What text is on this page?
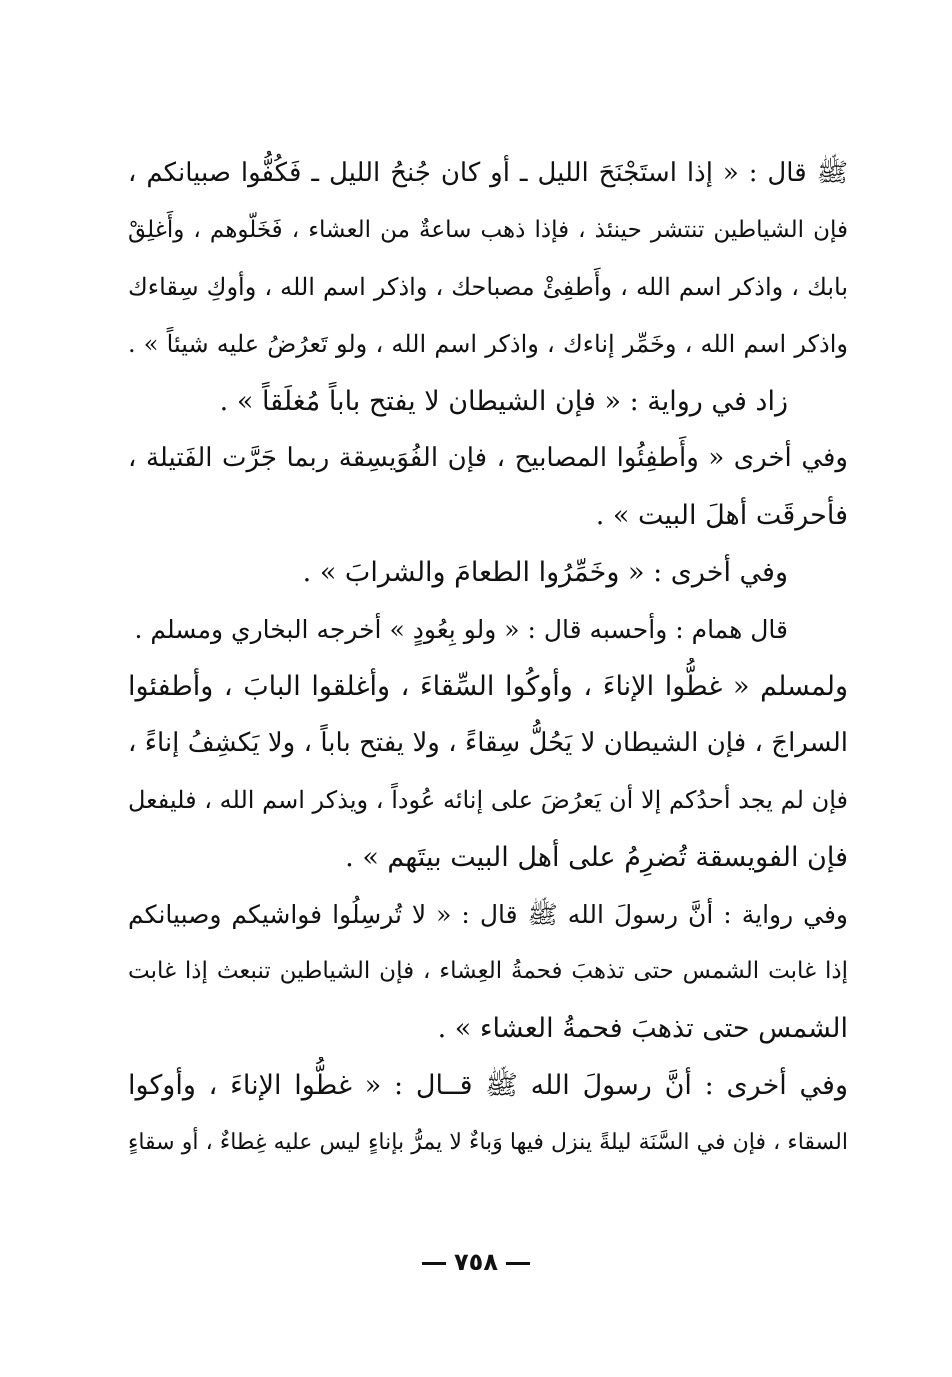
ﷺ قال : « إذا استَجْنَحَ الليل ـ أو كان جُنحُ الليل ـ فَكُفُّوا صبيانكم ،
فإن الشياطين تنتشر حينئذ ، فإذا ذهب ساعةٌ من العشاء ، فَخَلّوهم ، وأَغلِقْ
بابك ، واذكر اسم الله ، وأَطفِئْ مصباحك ، واذكر اسم الله ، وأوكِ سِقاءك
واذكر اسم الله ، وخَمِّر إناءك ، واذكر اسم الله ، ولو تَعرُضُ عليه شيئاً » .
زاد في رواية : « فإن الشيطان لا يفتح باباً مُغلَقاً » .
وفي أخرى « وأَطفِئُوا المصابيح ، فإن الفُوَيسِقة ربما جَرَّت الفَتيلة ،
فأحرقَت أهلَ البيت » .
وفي أخرى : « وخَمِّرُوا الطعامَ والشرابَ » .
قال همام : وأحسبه قال : « ولو بِعُودٍ » أخرجه البخاري ومسلم .
ولمسلم « غطُّوا الإناءَ ، وأوكُوا السِّقاءَ ، وأغلقوا البابَ ، وأطفئوا
السراجَ ، فإن الشيطان لا يَحُلُّ سِقاءً ، ولا يفتح باباً ، ولا يَكشِفُ إناءً ،
فإن لم يجد أحدُكم إلا أن يَعرُضَ على إنائه عُوداً ، ويذكر اسم الله ، فليفعل
فإن الفويسقة تُضرِمُ على أهل البيت بيتَهم » .
وفي رواية : أنَّ رسولَ الله ﷺ قال : « لا تُرسِلُوا فواشيكم وصبيانكم
إذا غابت الشمس حتى تذهبَ فحمةُ العِشاء ، فإن الشياطين تنبعث إذا غابت
الشمس حتى تذهبَ فحمةُ العشاء » .
وفي أخرى : أنَّ رسولَ الله ﷺ قــال : « غطُّوا الإناءَ ، وأوكوا
السقاء ، فإن في السَّنَة ليلةً ينزل فيها وَباءٌ لا يمرُّ بإناءٍ ليس عليه غِطاءٌ ، أو سقاءٍ
٧٥٨
